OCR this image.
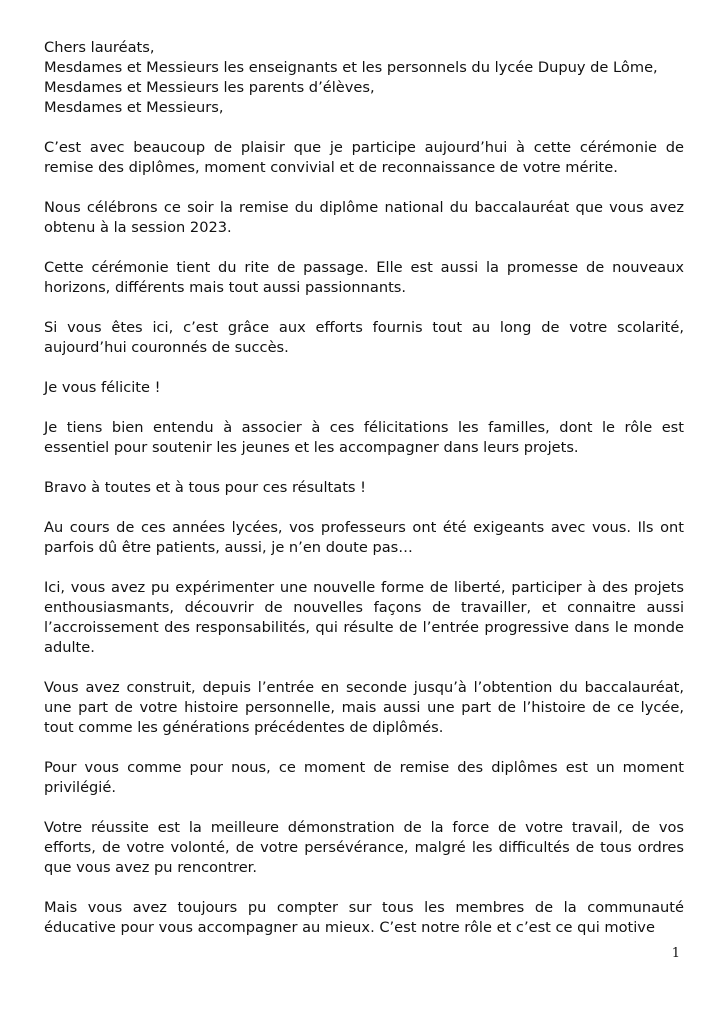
Chers lauréats,

Mesdames et Messieurs les enseignants et les personnels du lycée Dupuy de Lôme,

Mesdames et Messieurs les parents d’élèves,

Mesdames et Messieurs,

C’est avec beaucoup de plaisir que je participe aujourd’hui à cette cérémonie de remise des diplômes, moment convivial et de reconnaissance de votre mérite.

Nous célébrons ce soir la remise du diplôme national du baccalauréat que vous avez obtenu à la session 2023.

Cette cérémonie tient du rite de passage. Elle est aussi la promesse de nouveaux horizons, différents mais tout aussi passionnants.

Si vous êtes ici, c’est grâce aux efforts fournis tout au long de votre scolarité, aujourd’hui couronnés de succès.

Je vous félicite !

Je tiens bien entendu à associer à ces félicitations les familles, dont le rôle est essentiel pour soutenir les jeunes et les accompagner dans leurs projets.

Bravo à toutes et à tous pour ces résultats !

Au cours de ces années lycées, vos professeurs ont été exigeants avec vous. Ils ont parfois dû être patients, aussi, je n’en doute pas…

Ici, vous avez pu expérimenter une nouvelle forme de liberté, participer à des projets enthousiasmants, découvrir de nouvelles façons de travailler, et connaitre aussi l’accroissement des responsabilités, qui résulte de l’entrée progressive dans le monde adulte.

Vous avez construit, depuis l’entrée en seconde jusqu’à l’obtention du baccalauréat, une part de votre histoire personnelle, mais aussi une part de l’histoire de ce lycée, tout comme les générations précédentes de diplômés.

Pour vous comme pour nous, ce moment de remise des diplômes est un moment privilégié.

Votre réussite est la meilleure démonstration de la force de votre travail, de vos efforts, de votre volonté, de votre persévérance, malgré les difficultés de tous ordres que vous avez pu rencontrer.

Mais vous avez toujours pu compter sur tous les membres de la communauté éducative pour vous accompagner au mieux. C’est notre rôle et c’est ce qui motive

1
